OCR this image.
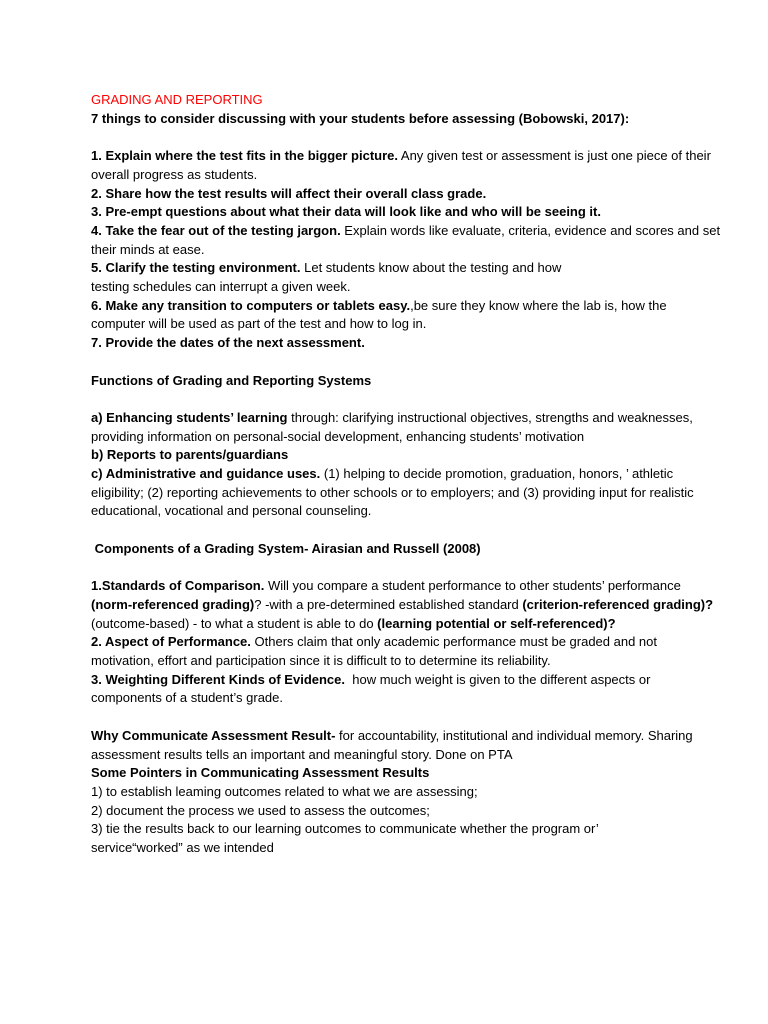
GRADING AND REPORTING

7 things to consider discussing with your students before assessing (Bobowski, 2017):

1. Explain where the test fits in the bigger picture. Any given test or assessment is just one piece of their overall progress as students.

2. Share how the test results will affect their overall class grade.

3. Pre-empt questions about what their data will look like and who will be seeing it.

4. Take the fear out of the testing jargon. Explain words like evaluate, criteria, evidence and scores and set their minds at ease.

5. Clarify the testing environment. Let students know about the testing and how testing schedules can interrupt a given week.

6. Make any transition to computers or tablets easy.,be sure they know where the lab is, how the computer will be used as part of the test and how to log in.

7. Provide the dates of the next assessment.

Functions of Grading and Reporting Systems

a) Enhancing students’ learning through: clarifying instructional objectives, strengths and weaknesses, providing information on personal-social development, enhancing students’ motivation

b) Reports to parents/guardians

c) Administrative and guidance uses. (1) helping to decide promotion, graduation, honors, ’ athletic eligibility; (2) reporting achievements to other schools or to employers; and (3) providing input for realistic educational, vocational and personal counseling.

Components of a Grading System- Airasian and Russell (2008)

1.Standards of Comparison. Will you compare a student performance to other students’ performance
(norm-referenced grading)? -with a pre-determined established standard (criterion-referenced grading)? (outcome-based) - to what a student is able to do (learning potential or self-referenced)?

2. Aspect of Performance. Others claim that only academic performance must be graded and not motivation, effort and participation since it is difficult to to determine its reliability.

3. Weighting Different Kinds of Evidence.  how much weight is given to the different aspects or components of a student’s grade.

Why Communicate Assessment Result- for accountability, institutional and individual memory. Sharing assessment results tells an important and meaningful story. Done on PTA

Some Pointers in Communicating Assessment Results

1) to establish leaming outcomes related to what we are assessing;

2) document the process we used to assess the outcomes;

3) tie the results back to our learning outcomes to communicate whether the program or’ service“worked” as we intended
